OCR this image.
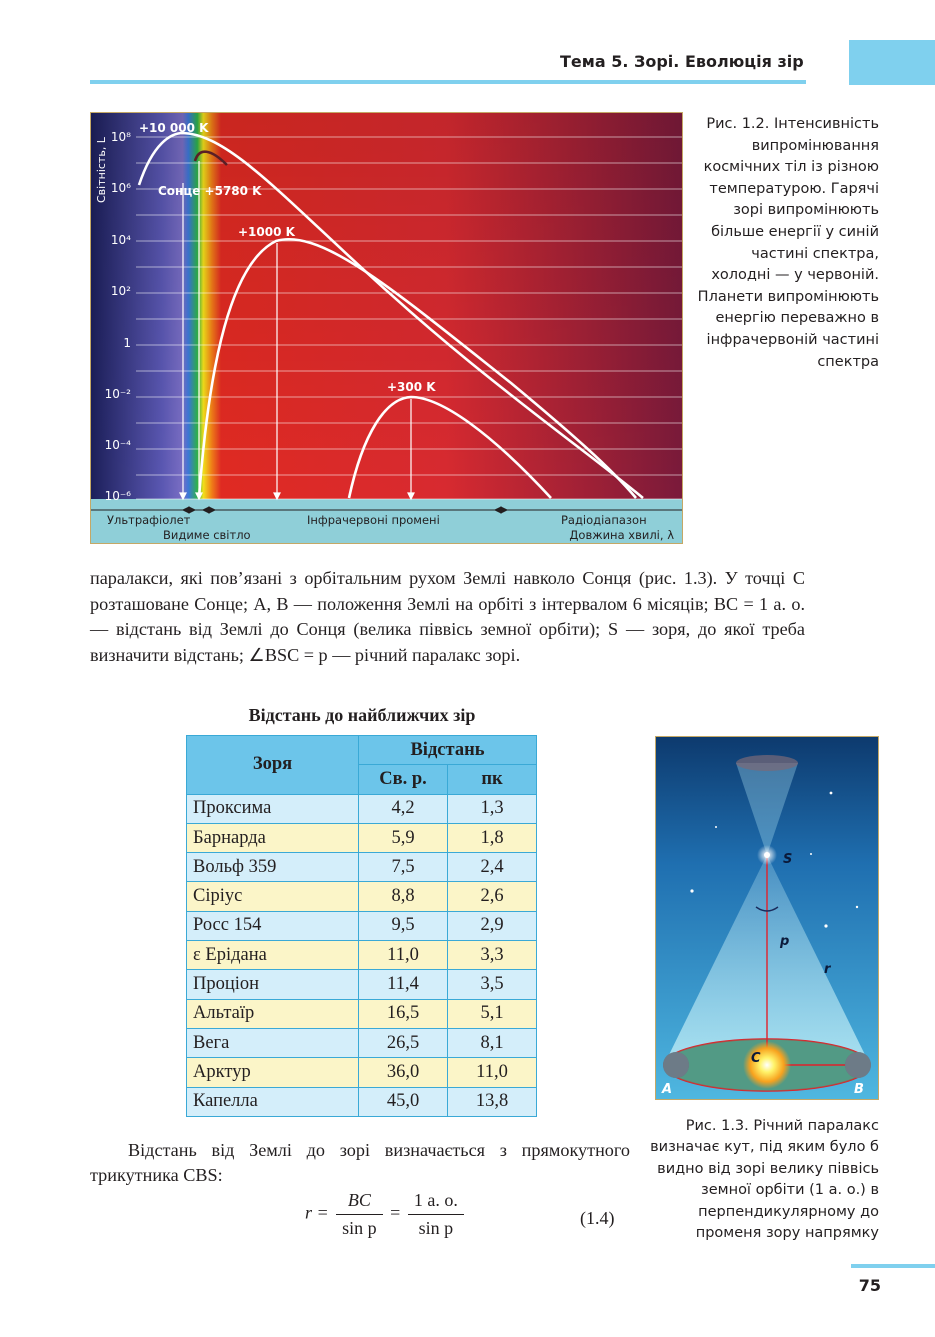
Тема 5. Зорі. Еволюція зір
10⁸
10⁶
10⁴
10²
1
10⁻²
10⁻⁴
10⁻⁶
Світність, L
+10 000 K
Сонце +5780 K
+1000 K
+300 K
Ультрафіолет
Видиме світло
Інфрачервоні промені	Радіодіапазон
Довжина хвилі, λ
Рис. 1.2. Інтенсивність випромінювання космічних тіл із різною температурою. Гарячі зорі випромінюють більше енергії у синій частині спектра, холодні — у червоній. Планети випромінюють енергію переважно в інфрачервоній частині спектра

паралакси, які пов’язані з орбітальним рухом Землі навколо Сонця (рис. 1.3). У точці C розташоване Сонце; A, B — положення Землі на орбіті з інтервалом 6 місяців; BC = 1 а. о.— відстань від Землі до Сонця (велика піввісь земної орбіти); S — зоря, до якої треба визначити відстань; ∠BSC = p — річний паралакс зорі.

Відстань до найближчих зір
Зоря	Відстань	
	Св. р.	пк
Проксима	4,2	1,3
Барнарда	5,9	1,8
Вольф 359	7,5	2,4
Сіріус	8,8	2,6
Росс 154	9,5	2,9
ε Ерідана	11,0	3,3
Проціон	11,4	3,5
Альтаїр	16,5	5,1
Вега	26,5	8,1
Арктур	36,0	11,0
Капелла	45,0	13,8
S
p
r
C
A	B
Рис. 1.3. Річний паралакс визначає кут, під яким було б видно від зорі велику піввісь земної орбіти (1 а. о.) в перпендикулярному до променя зору напрямку

Відстань від Землі до зорі визначається з прямокутного трикутника CBS:

$r = \frac{BC}{\text{sin p}} = \frac{1 а. о.}{\text{sin p}}$	(1.4)
75
